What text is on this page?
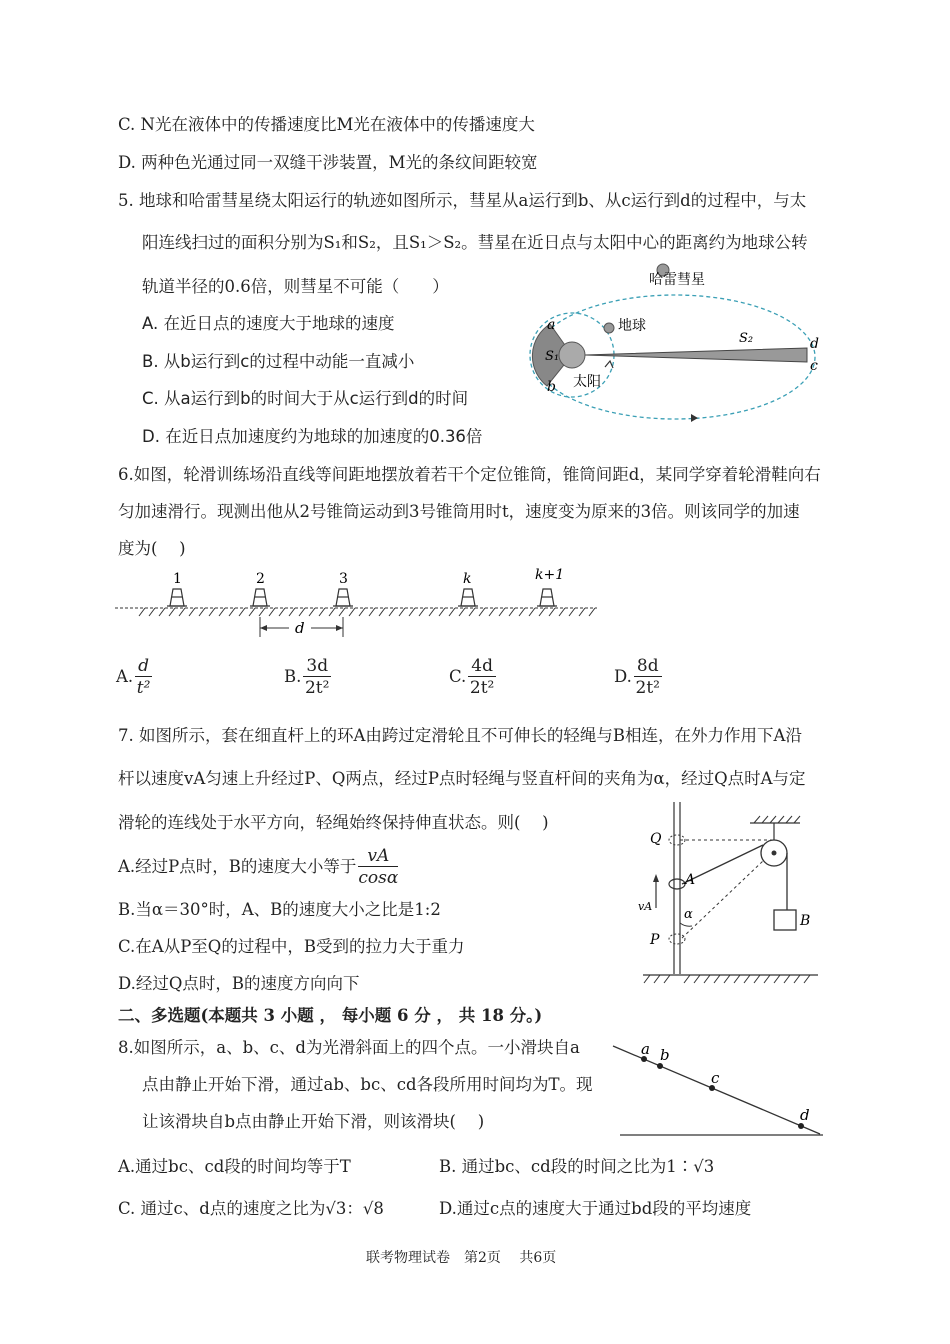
C. N光在液体中的传播速度比M光在液体中的传播速度大
D. 两种色光通过同一双缝干涉装置，M光的条纹间距较宽
5. 地球和哈雷彗星绕太阳运行的轨迹如图所示，彗星从a运行到b、从c运行到d的过程中，与太
阳连线扫过的面积分别为S₁和S₂，且S₁＞S₂。彗星在近日点与太阳中心的距离约为地球公转
轨道半径的0.6倍，则彗星不可能（　　）
A. 在近日点的速度大于地球的速度
B. 从b运行到c的过程中动能一直减小
C. 从a运行到b的时间大于从c运行到d的时间
D. 在近日点加速度约为地球的加速度的0.36倍
哈雷彗星
地球
太阳
a
b
S₁
S₂	d
c
6.如图，轮滑训练场沿直线等间距地摆放着若干个定位锥筒，锥筒间距d，某同学穿着轮滑鞋向右
匀加速滑行。现测出他从2号锥筒运动到3号锥筒用时t，速度变为原来的3倍。则该同学的加速
度为(　 )
1	2	3	k	k+1
d
A. $\frac{d}{\text{t²}}$	B. $\frac{3d}{\text{2t²}}$	C. $\frac{4d}{\text{2t²}}$	D. $\frac{8d}{\text{2t²}}$
7. 如图所示，套在细直杆上的环A由跨过定滑轮且不可伸长的轻绳与B相连，在外力作用下A沿
杆以速度vA匀速上升经过P、Q两点，经过P点时轻绳与竖直杆间的夹角为α，经过Q点时A与定
滑轮的连线处于水平方向，轻绳始终保持伸直状态。则(　 )
A.经过P点时，B的速度大小等于 $\frac{vA}{\cos\alpha}$
B.当α＝30°时，A、B的速度大小之比是1:2
C.在A从P至Q的过程中，B受到的拉力大于重力
D.经过Q点时，B的速度方向向下
Q
P
A
B
vA
α
二、多选题(本题共 3 小题 ， 每小题 6 分 ， 共 18 分。)
8.如图所示，a、b、c、d为光滑斜面上的四个点。一小滑块自a
点由静止开始下滑，通过ab、bc、cd各段所用时间均为T。现
让该滑块自b点由静止开始下滑，则该滑块(　 )
a b
c
d
A.通过bc、cd段的时间均等于T	B. 通过bc、cd段的时间之比为1∶√3
C. 通过c、d点的速度之比为√3：√8	D.通过c点的速度大于通过bd段的平均速度
联考物理试卷　第2页　 共6页
